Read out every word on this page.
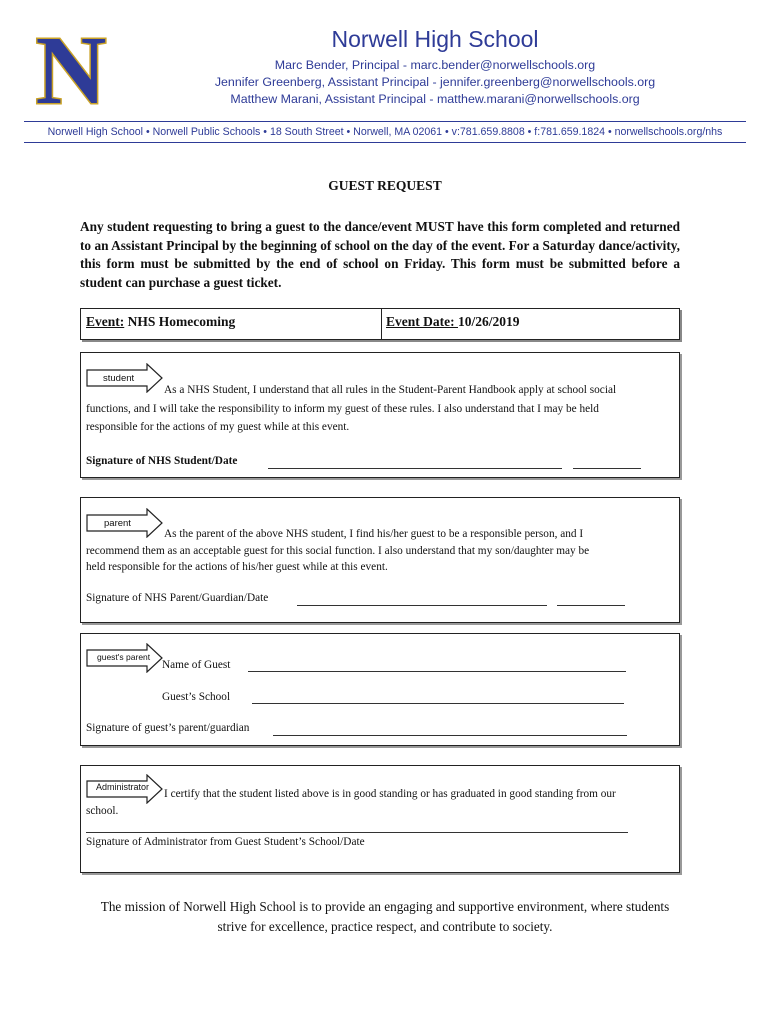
N	Norwell High School
Marc Bender, Principal - marc.bender@norwellschools.org
Jennifer Greenberg, Assistant Principal - jennifer.greenberg@norwellschools.org
Matthew Marani, Assistant Principal - matthew.marani@norwellschools.org
Norwell High School • Norwell Public Schools • 18 South Street • Norwell, MA 02061 • v:781.659.8808 • f:781.659.1824 • norwellschools.org/nhs
GUEST REQUEST
Any student requesting to bring a guest to the dance/event MUST have this form completed and returned to an Assistant Principal by the beginning of school on the day of the event. For a Saturday dance/activity, this form must be submitted by the end of school on Friday. This form must be submitted before a student can purchase a guest ticket.
Event: NHS Homecoming	Event Date: 10/26/2019
student
As a NHS Student, I understand that all rules in the Student-Parent Handbook apply at school social
functions, and I will take the responsibility to inform my guest of these rules. I also understand that I may be held
responsible for the actions of my guest while at this event.
Signature of NHS Student/Date
parent
As the parent of the above NHS student, I find his/her guest to be a responsible person, and I
recommend them as an acceptable guest for this social function. I also understand that my son/daughter may be
held responsible for the actions of his/her guest while at this event.
Signature of NHS Parent/Guardian/Date
guest's parent
Name of Guest
Guest’s School
Signature of guest’s parent/guardian
Administrator
I certify that the student listed above is in good standing or has graduated in good standing from our
school.
Signature of Administrator from Guest Student’s School/Date
The mission of Norwell High School is to provide an engaging and supportive environment, where students
strive for excellence, practice respect, and contribute to society.
